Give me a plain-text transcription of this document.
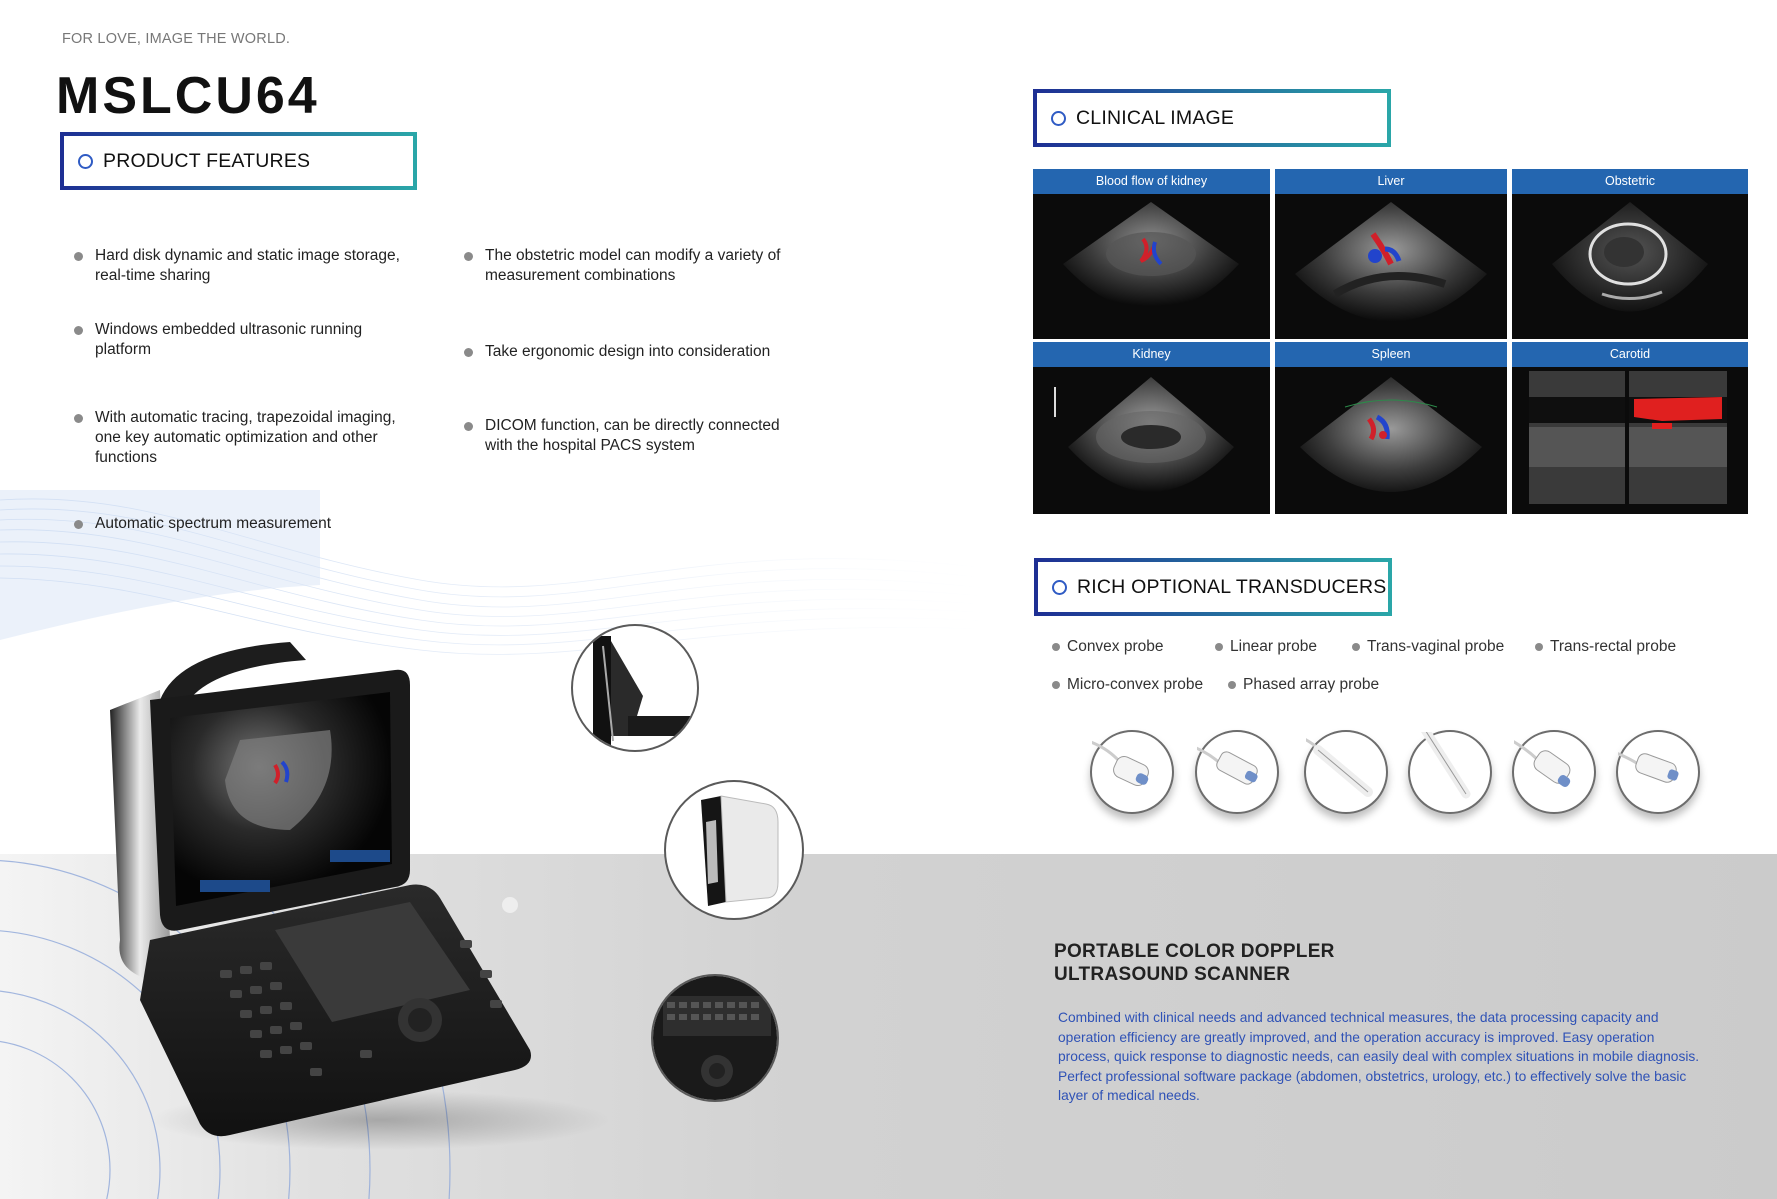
FOR LOVE, IMAGE THE WORLD.
MSLCU64
PRODUCT FEATURES
CLINICAL IMAGE
RICH OPTIONAL TRANSDUCERS
Hard disk dynamic and static image storage, real-time sharing
Windows embedded ultrasonic running platform
With automatic tracing, trapezoidal imaging, one key automatic optimization and other functions
Automatic spectrum measurement
The obstetric model can modify a variety of measurement combinations
Take ergonomic design into consideration
DICOM function, can be directly connected with the hospital PACS system
Blood flow of kidney	Liver	Obstetric
Kidney	Spleen	Carotid
Convex probe	Linear probe	Trans-vaginal probe	Trans-rectal probe
Micro-convex probe	Phased array probe
PORTABLE COLOR DOPPLER
ULTRASOUND SCANNER
Combined with clinical needs and advanced technical measures, the data processing capacity and operation efficiency are greatly improved, and the operation accuracy is improved. Easy operation process, quick response to diagnostic needs, can easily deal with complex situations in mobile diagnosis. Perfect professional software package (abdomen, obstetrics, urology, etc.) to effectively solve the basic layer of medical needs.
